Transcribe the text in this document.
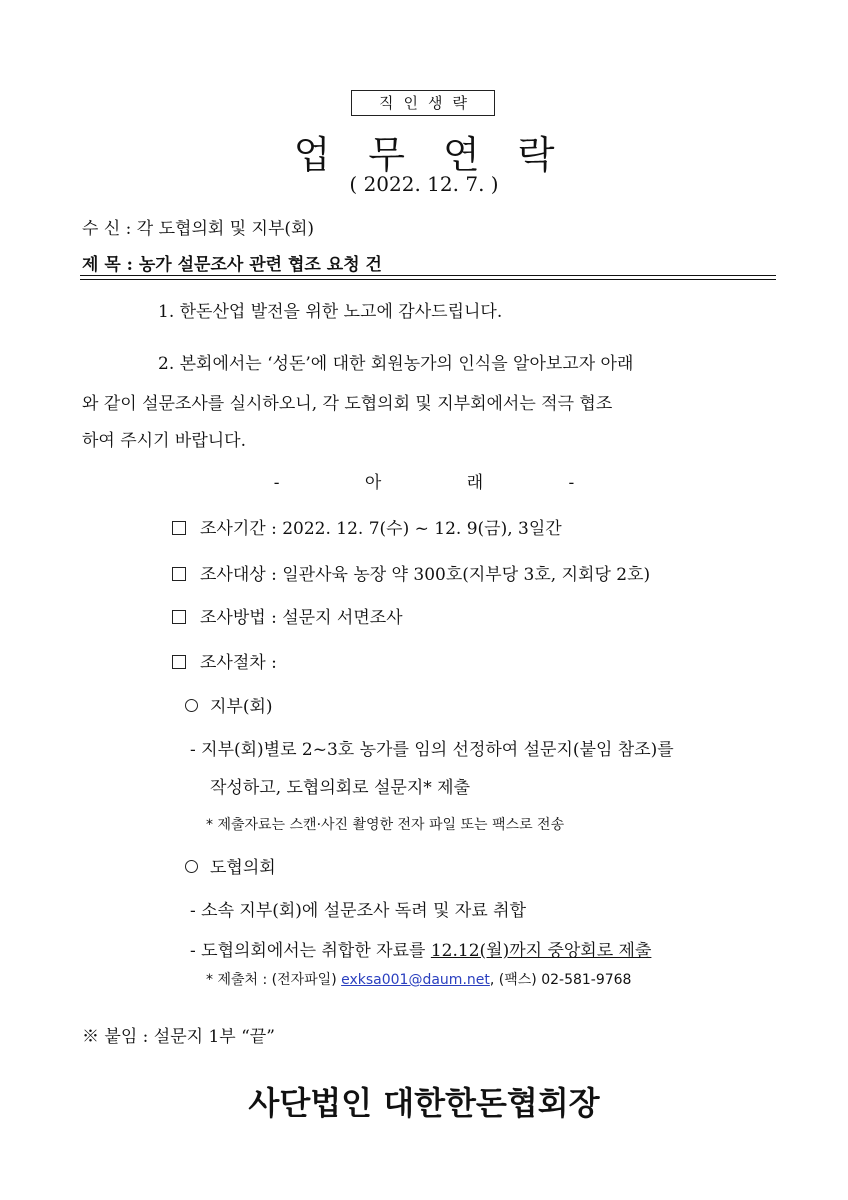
직인생략
업무연락
( 2022. 12. 7. )
수 신 : 각 도협의회 및 지부(회)
제 목 : 농가 설문조사 관련 협조 요청 건
1. 한돈산업 발전을 위한 노고에 감사드립니다.
2. 본회에서는 ‘성돈’에 대한 회원농가의 인식을 알아보고자 아래
와 같이 설문조사를 실시하오니, 각 도협의회 및 지부회에서는 적극 협조
하여 주시기 바랍니다.
- 아 래 -
조사기간 : 2022. 12. 7(수) ~ 12. 9(금), 3일간
조사대상 : 일관사육 농장 약 300호(지부당 3호, 지회당 2호)
조사방법 : 설문지 서면조사
조사절차 :
지부(회)
- 지부(회)별로 2~3호 농가를 임의 선정하여 설문지(붙임 참조)를
작성하고, 도협의회로 설문지* 제출
* 제출자료는 스캔·사진 촬영한 전자 파일 또는 팩스로 전송
도협의회
- 소속 지부(회)에 설문조사 독려 및 자료 취합
- 도협의회에서는 취합한 자료를 12.12(월)까지 중앙회로 제출
* 제출처 : (전자파일) exksa001@daum.net, (팩스) 02-581-9768
※ 붙임 : 설문지 1부 “끝”
사단법인 대한한돈협회장
